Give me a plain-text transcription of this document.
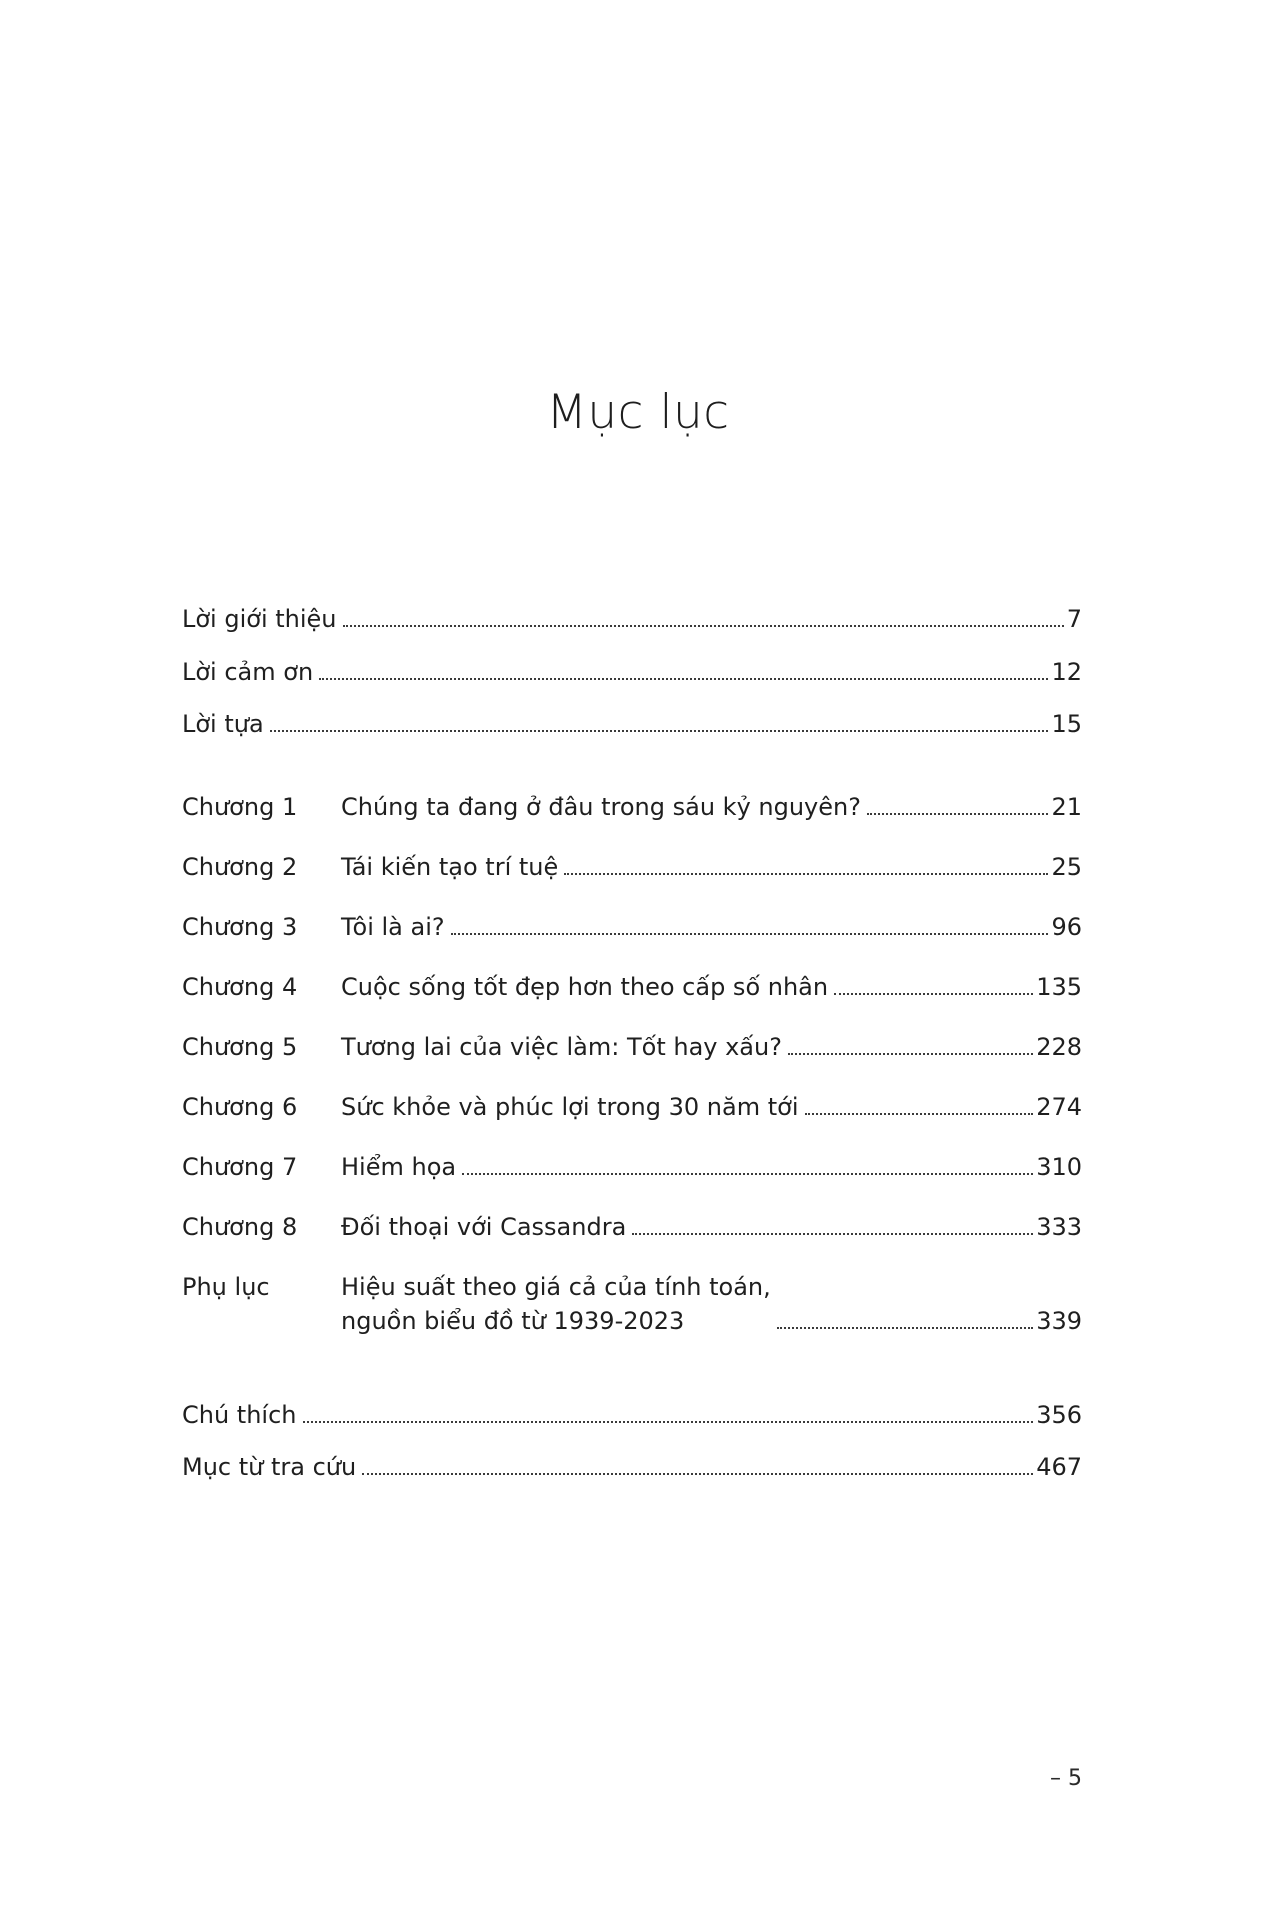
Mục lục
Lời giới thiệu	7
Lời cảm ơn	12
Lời tựa	15
Chương 1	Chúng ta đang ở đâu trong sáu kỷ nguyên?	21
Chương 2	Tái kiến tạo trí tuệ	25
Chương 3	Tôi là ai?	96
Chương 4	Cuộc sống tốt đẹp hơn theo cấp số nhân	135
Chương 5	Tương lai của việc làm: Tốt hay xấu?	228
Chương 6	Sức khỏe và phúc lợi trong 30 năm tới	274
Chương 7	Hiểm họa	310
Chương 8	Đối thoại với Cassandra	333
Phụ lục	Hiệu suất theo giá cả của tính toán,
nguồn biểu đồ từ 1939-2023	339
Chú thích	356
Mục từ tra cứu	467
– 5
